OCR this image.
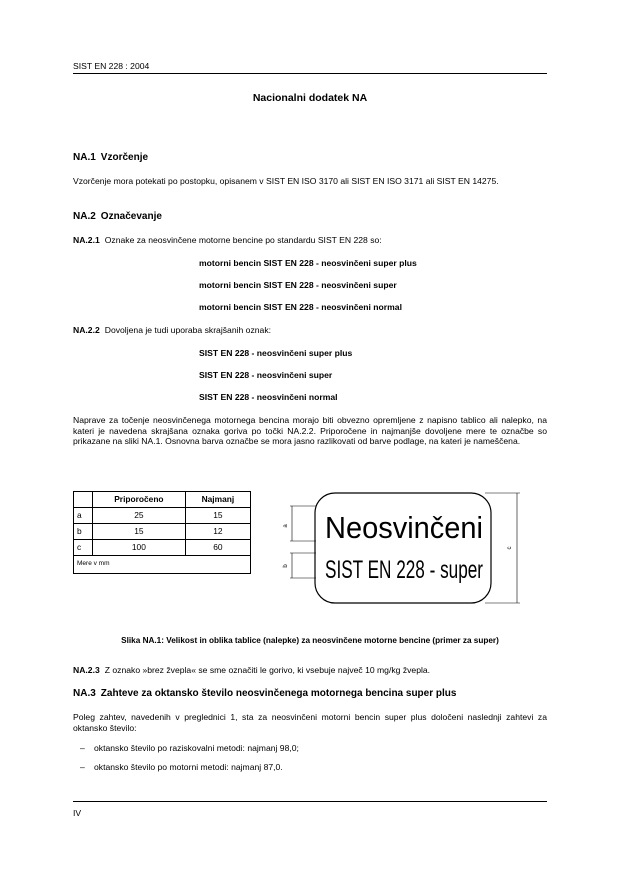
SIST EN 228 : 2004
Nacionalni dodatek NA
NA.1 Vzorčenje
Vzorčenje mora potekati po postopku, opisanem v SIST EN ISO 3170 ali SIST EN ISO 3171 ali SIST EN 14275.
NA.2 Označevanje
NA.2.1 Oznake za neosvinčene motorne bencine po standardu SIST EN 228 so:
motorni bencin SIST EN 228 - neosvinčeni super plus
motorni bencin SIST EN 228 - neosvinčeni super
motorni bencin SIST EN 228 - neosvinčeni normal
NA.2.2 Dovoljena je tudi uporaba skrajšanih oznak:
SIST EN 228 - neosvinčeni super plus
SIST EN 228 - neosvinčeni super
SIST EN 228 - neosvinčeni normal
Naprave za točenje neosvinčenega motornega bencina morajo biti obvezno opremljene z napisno tablico ali nalepko, na kateri je navedena skrajšana oznaka goriva po točki NA.2.2. Priporočene in najmanjše dovoljene mere te označbe so prikazane na sliki NA.1. Osnovna barva označbe se mora jasno razlikovati od barve podlage, na kateri je nameščena.
	Priporočeno	Najmanj
a	25	15
b	15	12
c	100	60
Mere v mm		
a
b
c
Neosvinčeni
SIST EN 228 - super
Slika NA.1: Velikost in oblika tablice (nalepke) za neosvinčene motorne bencine (primer za super)
NA.2.3 Z oznako »brez žvepla« se sme označiti le gorivo, ki vsebuje največ 10 mg/kg žvepla.
NA.3 Zahteve za oktansko število neosvinčenega motornega bencina super plus
Poleg zahtev, navedenih v preglednici 1, sta za neosvinčeni motorni bencin super plus določeni naslednji zahtevi za oktansko število:
– oktansko število po raziskovalni metodi: najmanj 98,0;
– oktansko število po motorni metodi: najmanj 87,0.
IV
